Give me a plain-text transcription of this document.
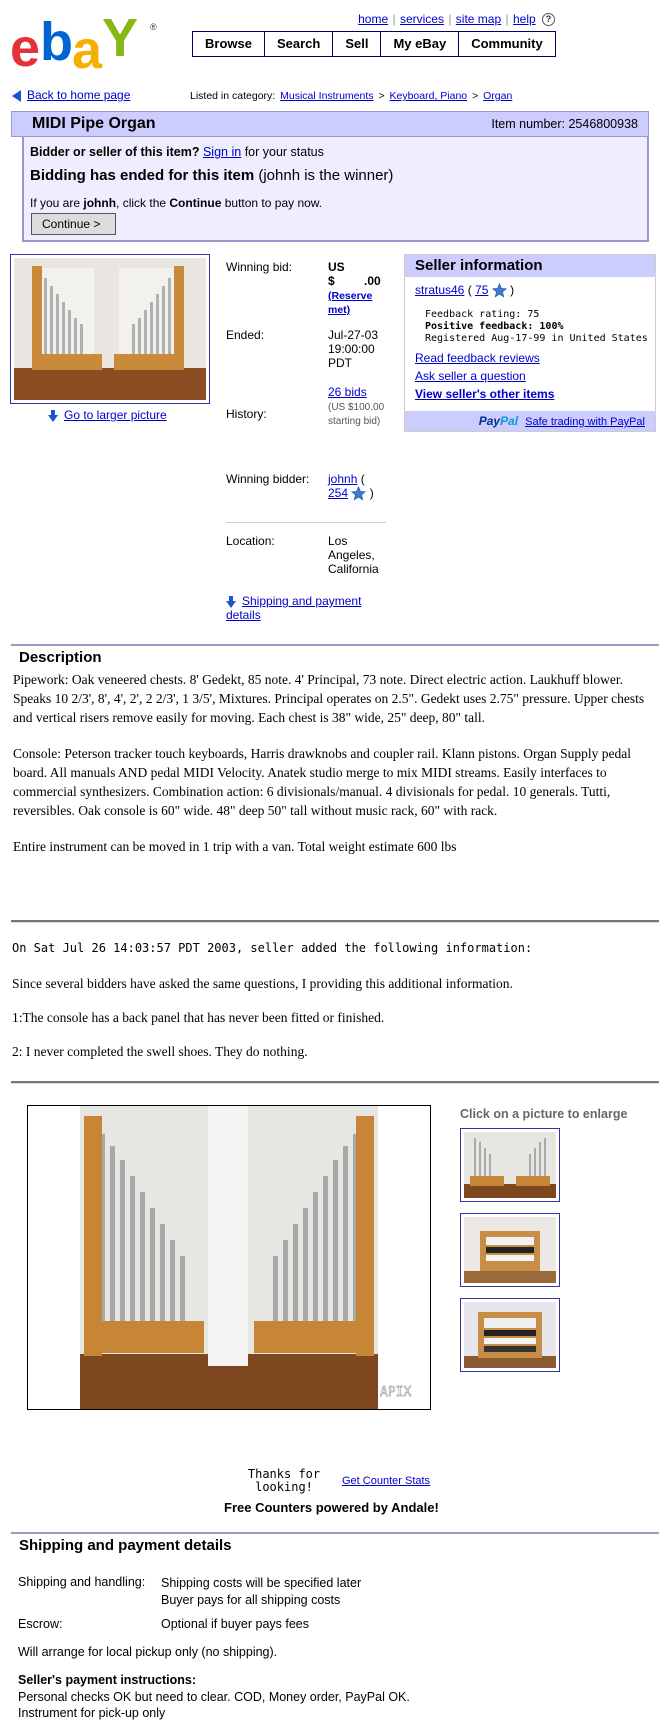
e b a Y	®
home | services | site map | help ?
Browse	Search	Sell	My eBay	Community
Back to home page	Listed in category: Musical Instruments > Keyboard, Piano > Organ
MIDI Pipe Organ	Item number: 2546800938
Bidder or seller of this item? Sign in for your status
Bidding has ended for this item (johnh is the winner)
If you are johnh, click the Continue button to pay now.
Continue >
Go to larger picture
Winning bid:	US
$ .00
(Reserve met)
Ended:	Jul-27-03 19:00:00 PDT
History:
26 bids
(US $100.00 starting bid)
Winning bidder:	johnh (
254  )
Location:	Los Angeles, California
Shipping and payment details
Seller information
stratus46 ( 75  )
Feedback rating: 75
Positive feedback: 100%
Registered Aug-17-99 in United States
Read feedback reviews
Ask seller a question
View seller's other items
PayPal Safe trading with PayPal
Description

Pipework: Oak veneered chests. 8' Gedekt, 85 note. 4' Principal, 73 note. Direct electric action. Laukhuff blower. Speaks 10 2/3', 8', 4', 2', 2 2/3', 1 3/5', Mixtures. Principal operates on 2.5". Gedekt uses 2.75" pressure. Upper chests and vertical risers remove easily for moving. Each chest is 38" wide, 25" deep, 80" tall.

Console: Peterson tracker touch keyboards, Harris drawknobs and coupler rail. Klann pistons. Organ Supply pedal board. All manuals AND pedal MIDI Velocity. Anatek studio merge to mix MIDI streams. Easily interfaces to commercial synthesizers. Combination action: 6 divisionals/manual. 4 divisionals for pedal. 10 generals. Tutti, reversibles. Oak console is 60" wide. 48" deep 50" tall without music rack, 60" with rack.

Entire instrument can be moved in 1 trip with a van. Total weight estimate 600 lbs

On Sat Jul 26 14:03:57 PDT 2003, seller added the following information:

Since several bidders have asked the same questions, I providing this additional information.

1:The console has a back panel that has never been fitted or finished.

2: I never completed the swell shoes. They do nothing.

APIX
Click on a picture to enlarge
Thanks for looking!	Get Counter Stats
Free Counters powered by Andale!
Shipping and payment details
Shipping and handling: Shipping costs will be specified later
Buyer pays for all shipping costs
Escrow:	Optional if buyer pays fees
Will arrange for local pickup only (no shipping).
Seller's payment instructions:
Personal checks OK but need to clear. COD, Money order, PayPal OK. Instrument for pick-up only
